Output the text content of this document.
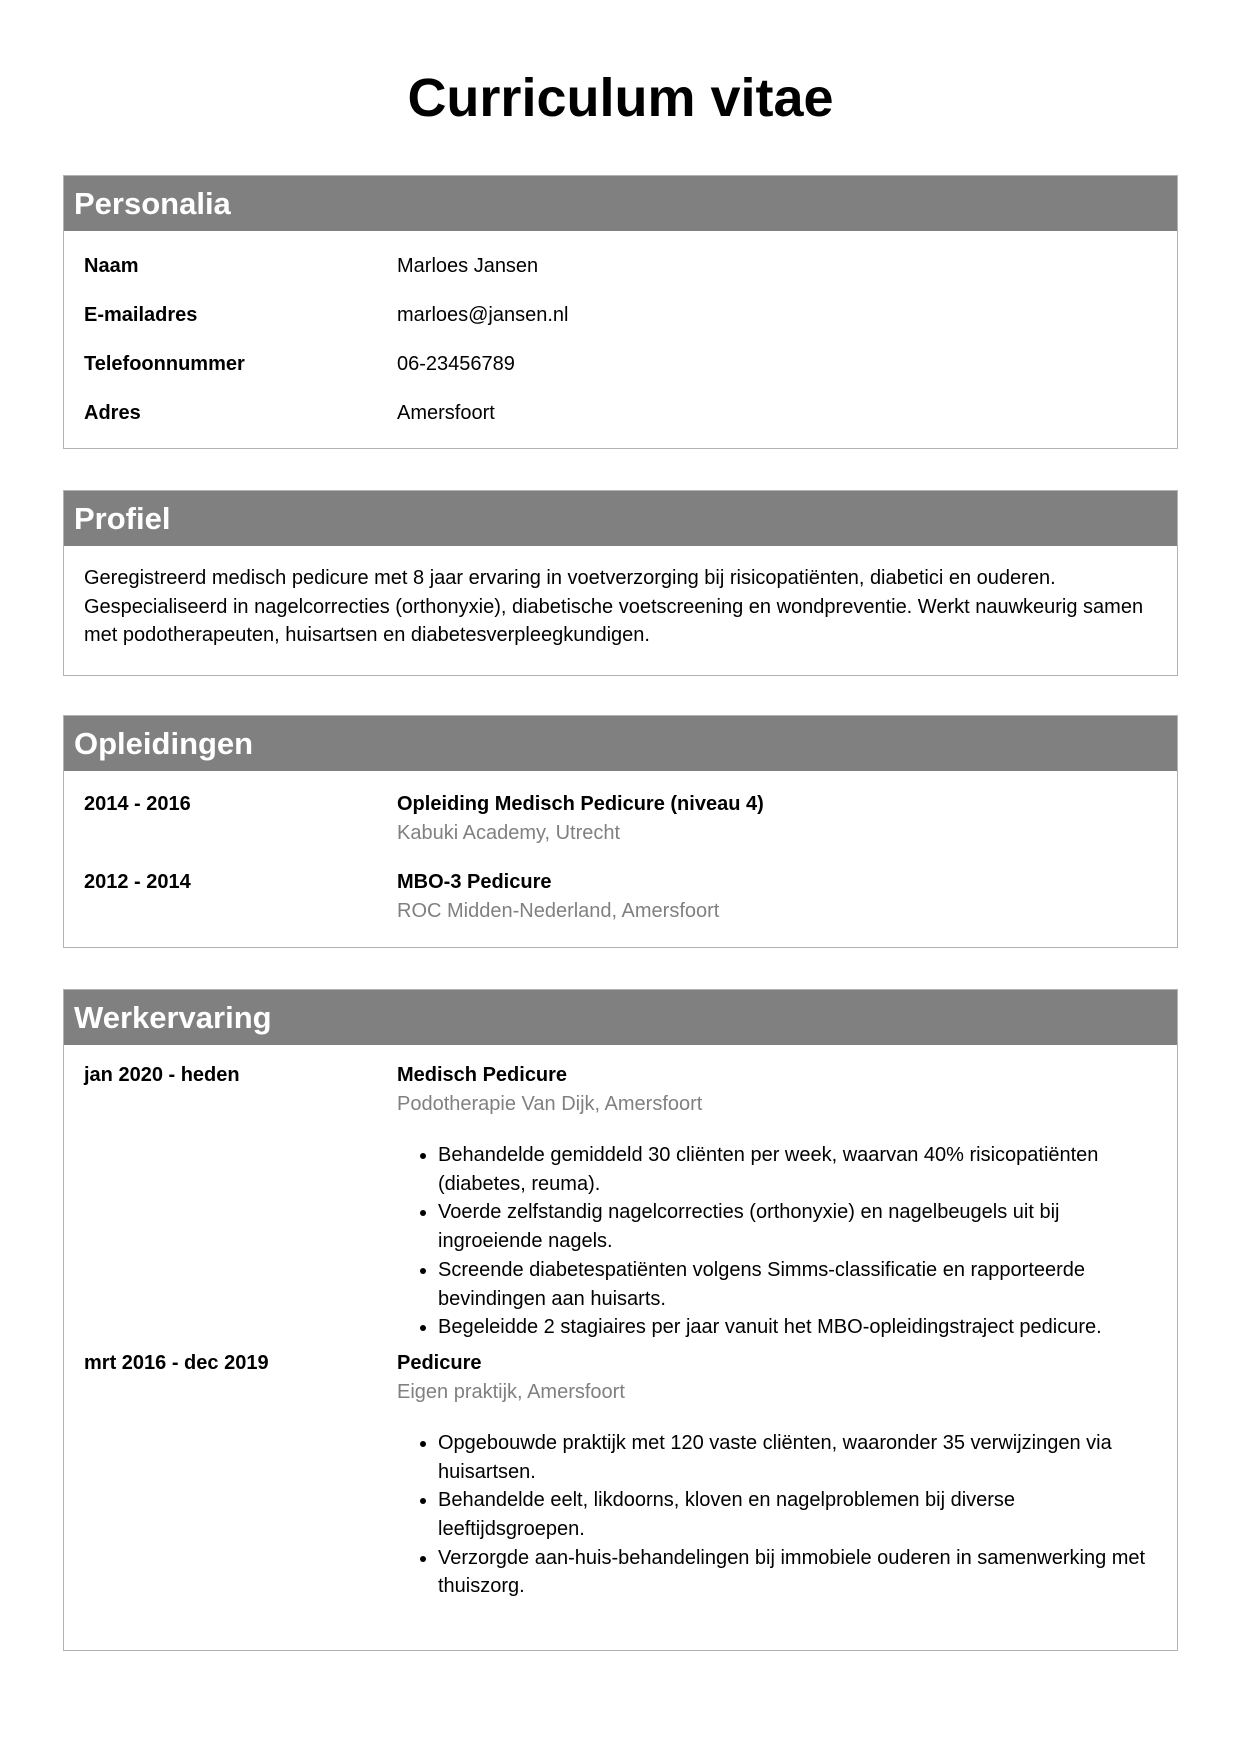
Curriculum vitae
Personalia
Naam	Marloes Jansen
E-mailadres	marloes@jansen.nl
Telefoonnummer	06-23456789
Adres	Amersfoort
Profiel

Geregistreerd medisch pedicure met 8 jaar ervaring in voetverzorging bij risicopatiënten, diabetici en ouderen. Gespecialiseerd in nagelcorrecties (orthonyxie), diabetische voetscreening en wondpreventie. Werkt nauwkeurig samen met podotherapeuten, huisartsen en diabetesverpleegkundigen.

Opleidingen
2014 - 2016	Opleiding Medisch Pedicure (niveau 4)
Kabuki Academy, Utrecht
2012 - 2014	MBO-3 Pedicure
ROC Midden-Nederland, Amersfoort
Werkervaring
jan 2020 - heden	Medisch Pedicure
Podotherapie Van Dijk, Amersfoort
• Behandelde gemiddeld 30 cliënten per week, waarvan 40% risicopatiënten (diabetes, reuma).
• Voerde zelfstandig nagelcorrecties (orthonyxie) en nagelbeugels uit bij ingroeiende nagels.
• Screende diabetespatiënten volgens Simms-classificatie en rapporteerde bevindingen aan huisarts.
• Begeleidde 2 stagiaires per jaar vanuit het MBO-opleidingstraject pedicure.
mrt 2016 - dec 2019	Pedicure
Eigen praktijk, Amersfoort
• Opgebouwde praktijk met 120 vaste cliënten, waaronder 35 verwijzingen via huisartsen.
• Behandelde eelt, likdoorns, kloven en nagelproblemen bij diverse leeftijdsgroepen.
• Verzorgde aan-huis-behandelingen bij immobiele ouderen in samenwerking met thuiszorg.
